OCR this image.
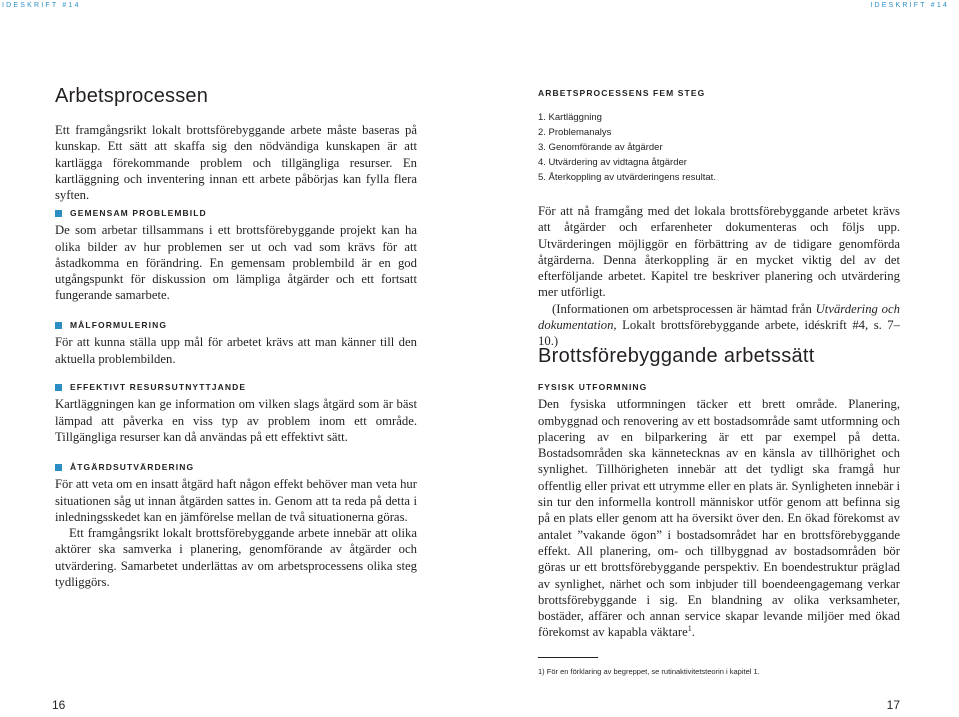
IDESKRIFT #14	IDESKRIFT #14
Arbetsprocessen

Ett framgångsrikt lokalt brottsförebyggande arbete måste baseras på kunskap. Ett sätt att skaffa sig den nödvändiga kunskapen är att kartlägga förekommande problem och tillgängliga resurser. En kartläggning och inventering innan ett arbete påbörjas kan fylla flera syften.

GEMENSAM PROBLEMBILD

De som arbetar tillsammans i ett brottsförebyggande projekt kan ha olika bilder av hur problemen ser ut och vad som krävs för att åstadkomma en förändring. En gemensam problembild är en god utgångspunkt för diskussion om lämpliga åtgärder och ett fortsatt fungerande samarbete.

MÅLFORMULERING

För att kunna ställa upp mål för arbetet krävs att man känner till den aktuella problembilden.

EFFEKTIVT RESURSUTNYTTJANDE

Kartläggningen kan ge information om vilken slags åtgärd som är bäst lämpad att påverka en viss typ av problem inom ett område. Tillgängliga resurser kan då användas på ett effektivt sätt.

ÅTGÄRDSUTVÄRDERING

För att veta om en insatt åtgärd haft någon effekt behöver man veta hur situationen såg ut innan åtgärden sattes in. Genom att ta reda på detta i inledningsskedet kan en jämförelse mellan de två situationerna göras.

Ett framgångsrikt lokalt brottsförebyggande arbete innebär att olika aktörer ska samverka i planering, genomförande av åtgärder och utvärdering. Samarbetet underlättas av om arbetsprocessens olika steg tydliggörs.

16
ARBETSPROCESSENS FEM STEG
1. Kartläggning
2. Problemanalys
3. Genomförande av åtgärder
4. Utvärdering av vidtagna åtgärder
5. Återkoppling av utvärderingens resultat.

För att nå framgång med det lokala brottsförebyggande arbetet krävs att åtgärder och erfarenheter dokumenteras och följs upp. Utvärderingen möjliggör en förbättring av de tidigare genomförda åtgärderna. Denna återkoppling är en mycket viktig del av det efterföljande arbetet. Kapitel tre beskriver planering och utvärdering mer utförligt.

(Informationen om arbetsprocessen är hämtad från Utvärdering och dokumentation, Lokalt brottsförebyggande arbete, idéskrift #4, s. 7–10.)

Brottsförebyggande arbetssätt
FYSISK UTFORMNING

Den fysiska utformningen täcker ett brett område. Planering, ombyggnad och renovering av ett bostadsområde samt utformning och placering av en bilparkering är ett par exempel på detta. Bostadsområden ska kännetecknas av en känsla av tillhörighet och synlighet. Tillhörigheten innebär att det tydligt ska framgå hur offentlig eller privat ett utrymme eller en plats är. Synligheten innebär i sin tur den informella kontroll människor utför genom att befinna sig på en plats eller genom att ha översikt över den. En ökad förekomst av antalet ”vakande ögon” i bostadsområdet har en brottsförebyggande effekt. All planering, om- och tillbyggnad av bostadsområden bör göras ur ett brottsförebyggande perspektiv. En boendestruktur präglad av synlighet, närhet och som inbjuder till boendeengagemang verkar brottsförebyggande i sig. En blandning av olika verksamheter, bostäder, affärer och annan service skapar levande miljöer med ökad förekomst av kapabla väktare$^1$.

1) För en förklaring av begreppet, se rutinaktivitetsteorin i kapitel 1.
17
